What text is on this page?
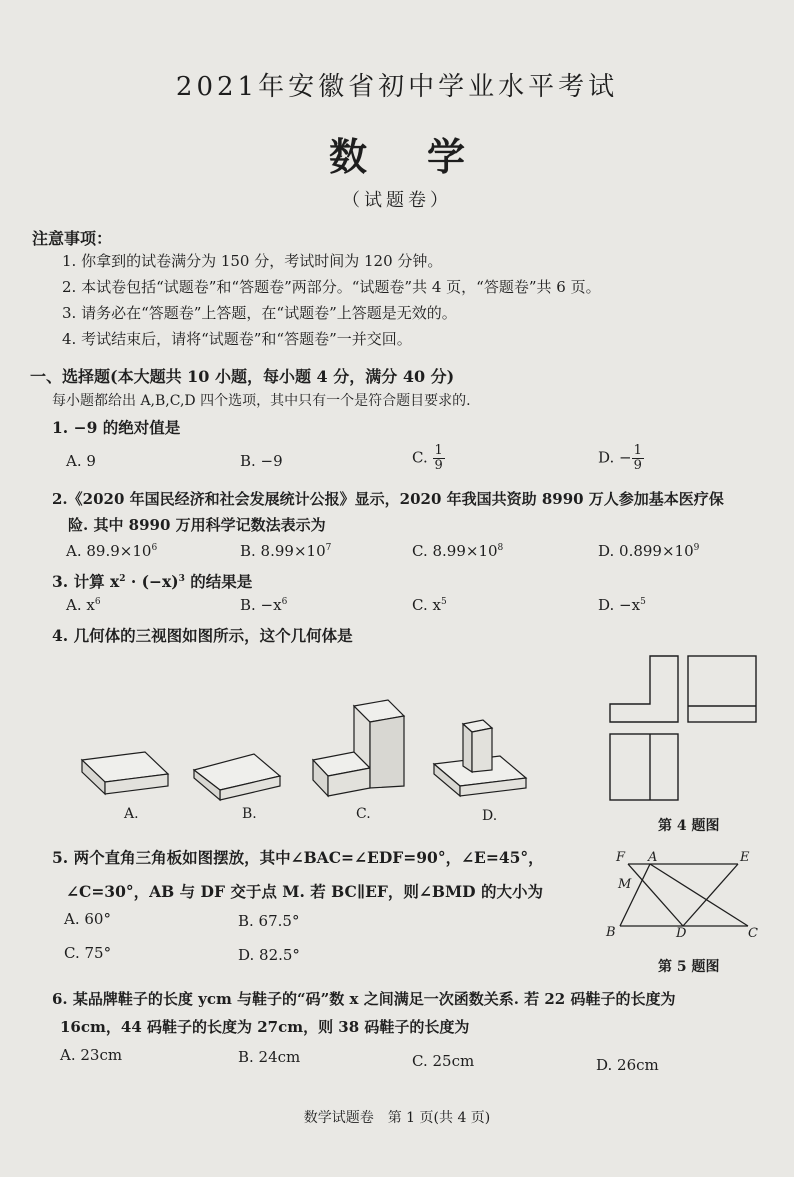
2021年安徽省初中学业水平考试
数学
（试题卷）
注意事项：
1. 你拿到的试卷满分为 150 分，考试时间为 120 分钟。
2. 本试卷包括“试题卷”和“答题卷”两部分。“试题卷”共 4 页，“答题卷”共 6 页。
3. 请务必在“答题卷”上答题，在“试题卷”上答题是无效的。
4. 考试结束后，请将“试题卷”和“答题卷”一并交回。
一、选择题(本大题共 10 小题，每小题 4 分，满分 40 分)
每小题都给出 A,B,C,D 四个选项，其中只有一个是符合题目要求的.
1. −9 的绝对值是
A. 9	B. −9	C. $\frac{1}{9}$	D. − $\frac{1}{9}$
2.《2020 年国民经济和社会发展统计公报》显示，2020 年我国共资助 8990 万人参加基本医疗保
险. 其中 8990 万用科学记数法表示为
A. $89.9\times 10^6$	B. $8.99\times 10^7$	C. $8.99\times 10^8$	D. $0.899\times 10^9$
3. 计算 $x^2 \cdot (-x)^3$ 的结果是
A. $x^6$	B. $-x^6$	C. $x^5$	D. $-x^5$
4. 几何体的三视图如图所示，这个几何体是
A.	B.	C.	D.
第 4 题图
5. 两个直角三角板如图摆放，其中∠BAC=∠EDF=90°，∠E=45°，
∠C=30°，AB 与 DF 交于点 M. 若 BC∥EF，则∠BMD 的大小为
A. 60°	B. 67.5°
C. 75°	D. 82.5°
F A	E
M
B	D	C
第 5 题图
6. 某品牌鞋子的长度 ycm 与鞋子的“码”数 x 之间满足一次函数关系. 若 22 码鞋子的长度为
16cm，44 码鞋子的长度为 27cm，则 38 码鞋子的长度为
A. 23cm	B. 24cm	C. 25cm	D. 26cm
数学试题卷　第 1 页(共 4 页)
